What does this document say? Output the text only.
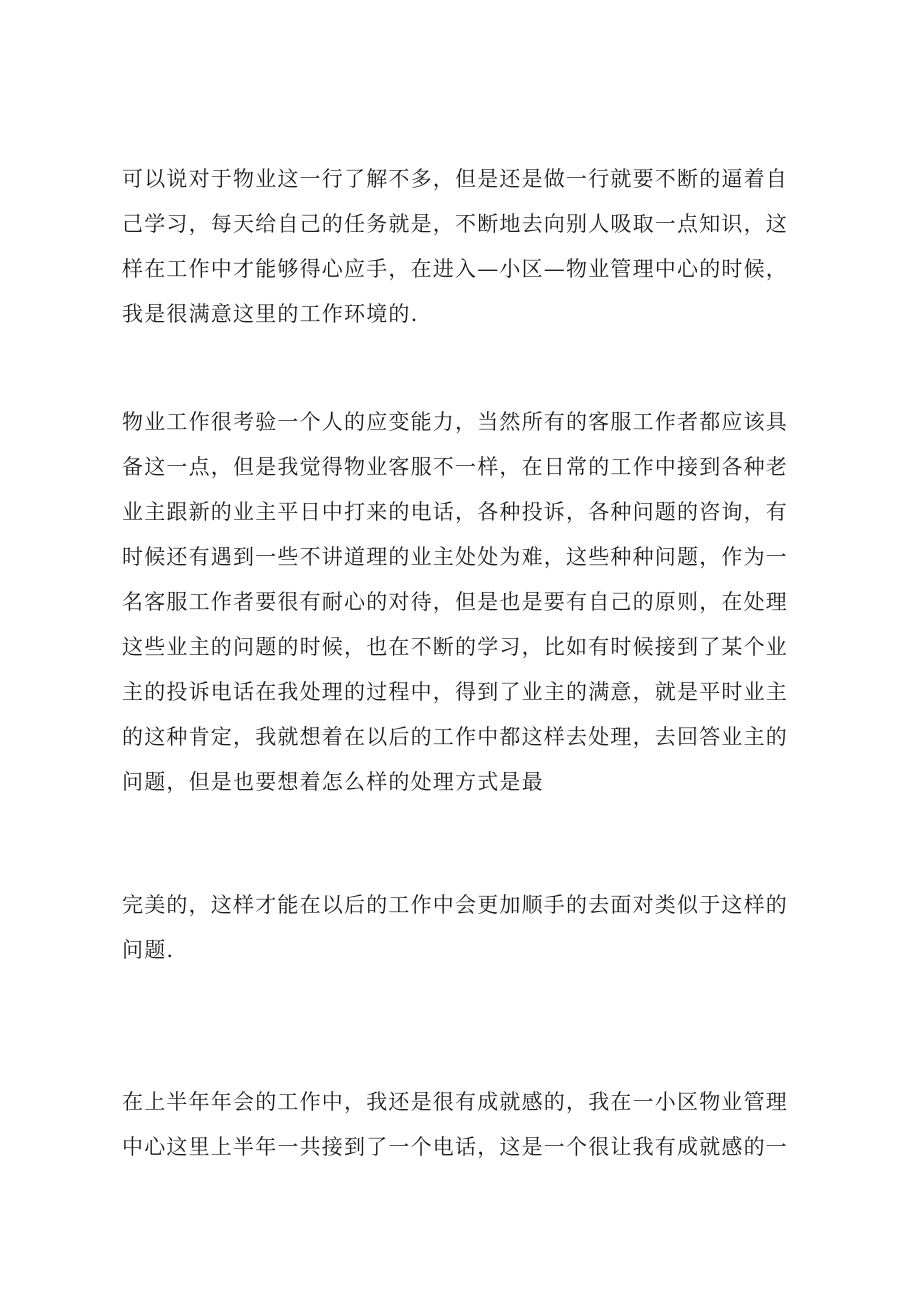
可以说对于物业这一行了解不多，但是还是做一行就要不断的逼着自
己学习，每天给自己的任务就是，不断地去向别人吸取一点知识，这
样在工作中才能够得心应手，在进入—小区—物业管理中心的时候，
我是很满意这里的工作环境的.
物业工作很考验一个人的应变能力，当然所有的客服工作者都应该具
备这一点，但是我觉得物业客服不一样，在日常的工作中接到各种老
业主跟新的业主平日中打来的电话，各种投诉，各种问题的咨询，有
时候还有遇到一些不讲道理的业主处处为难，这些种种问题，作为一
名客服工作者要很有耐心的对待，但是也是要有自己的原则，在处理
这些业主的问题的时候，也在不断的学习，比如有时候接到了某个业
主的投诉电话在我处理的过程中，得到了业主的满意，就是平时业主
的这种肯定，我就想着在以后的工作中都这样去处理，去回答业主的
问题，但是也要想着怎么样的处理方式是最
完美的，这样才能在以后的工作中会更加顺手的去面对类似于这样的
问题.
在上半年年会的工作中，我还是很有成就感的，我在一小区物业管理
中心这里上半年一共接到了一个电话，这是一个很让我有成就感的一
